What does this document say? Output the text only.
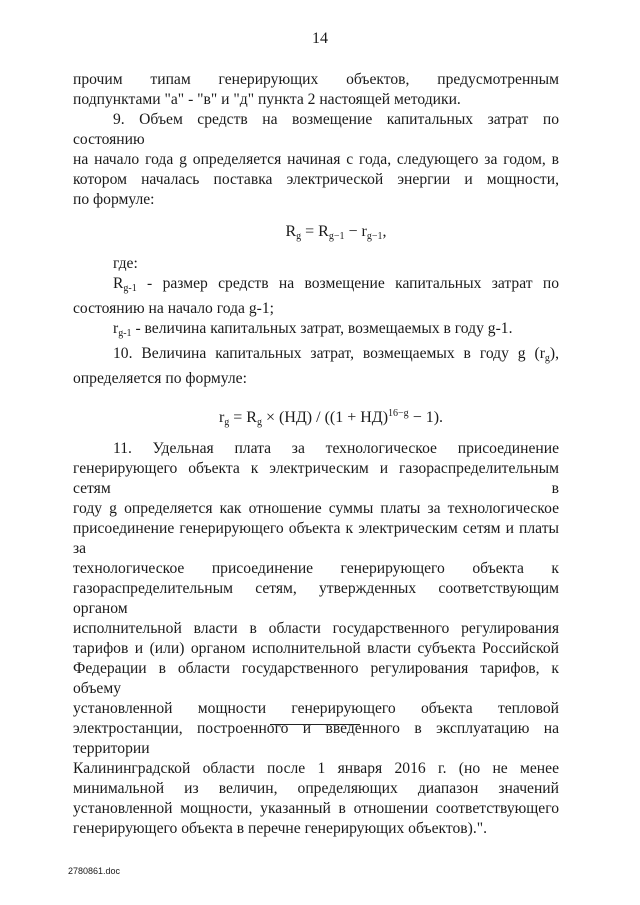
14

прочим типам генерирующих объектов, предусмотренным

подпунктами "а" - "в" и "д" пункта 2 настоящей методики.

9. Объем средств на возмещение капитальных затрат по состоянию

на начало года g определяется начиная с года, следующего за годом, в

котором началась поставка электрической энергии и мощности,

по формуле:

$R_g = R_{g-1} - r_{g-1}$,

где:

$R_{g-1}$ - размер средств на возмещение капитальных затрат по

состоянию на начало года g-1;

$r_{g-1}$ - величина капитальных затрат, возмещаемых в году g-1.

10. Величина капитальных затрат, возмещаемых в году g $(r_g)$,

определяется по формуле:

$r_g = R_g \times (НД) / ((1 + НД)^{16-g} - 1)$.

11. Удельная плата за технологическое присоединение

генерирующего объекта к электрическим и газораспределительным сетям в

году g определяется как отношение суммы платы за технологическое

присоединение генерирующего объекта к электрическим сетям и платы за

технологическое присоединение генерирующего объекта к

газораспределительным сетям, утвержденных соответствующим органом

исполнительной власти в области государственного регулирования

тарифов и (или) органом исполнительной власти субъекта Российской

Федерации в области государственного регулирования тарифов, к объему

установленной мощности генерирующего объекта тепловой

электростанции, построенного и введенного в эксплуатацию на территории

Калининградской области после 1 января 2016 г. (но не менее

минимальной из величин, определяющих диапазон значений

установленной мощности, указанный в отношении соответствующего

генерирующего объекта в перечне генерирующих объектов).".

2780861.doc
